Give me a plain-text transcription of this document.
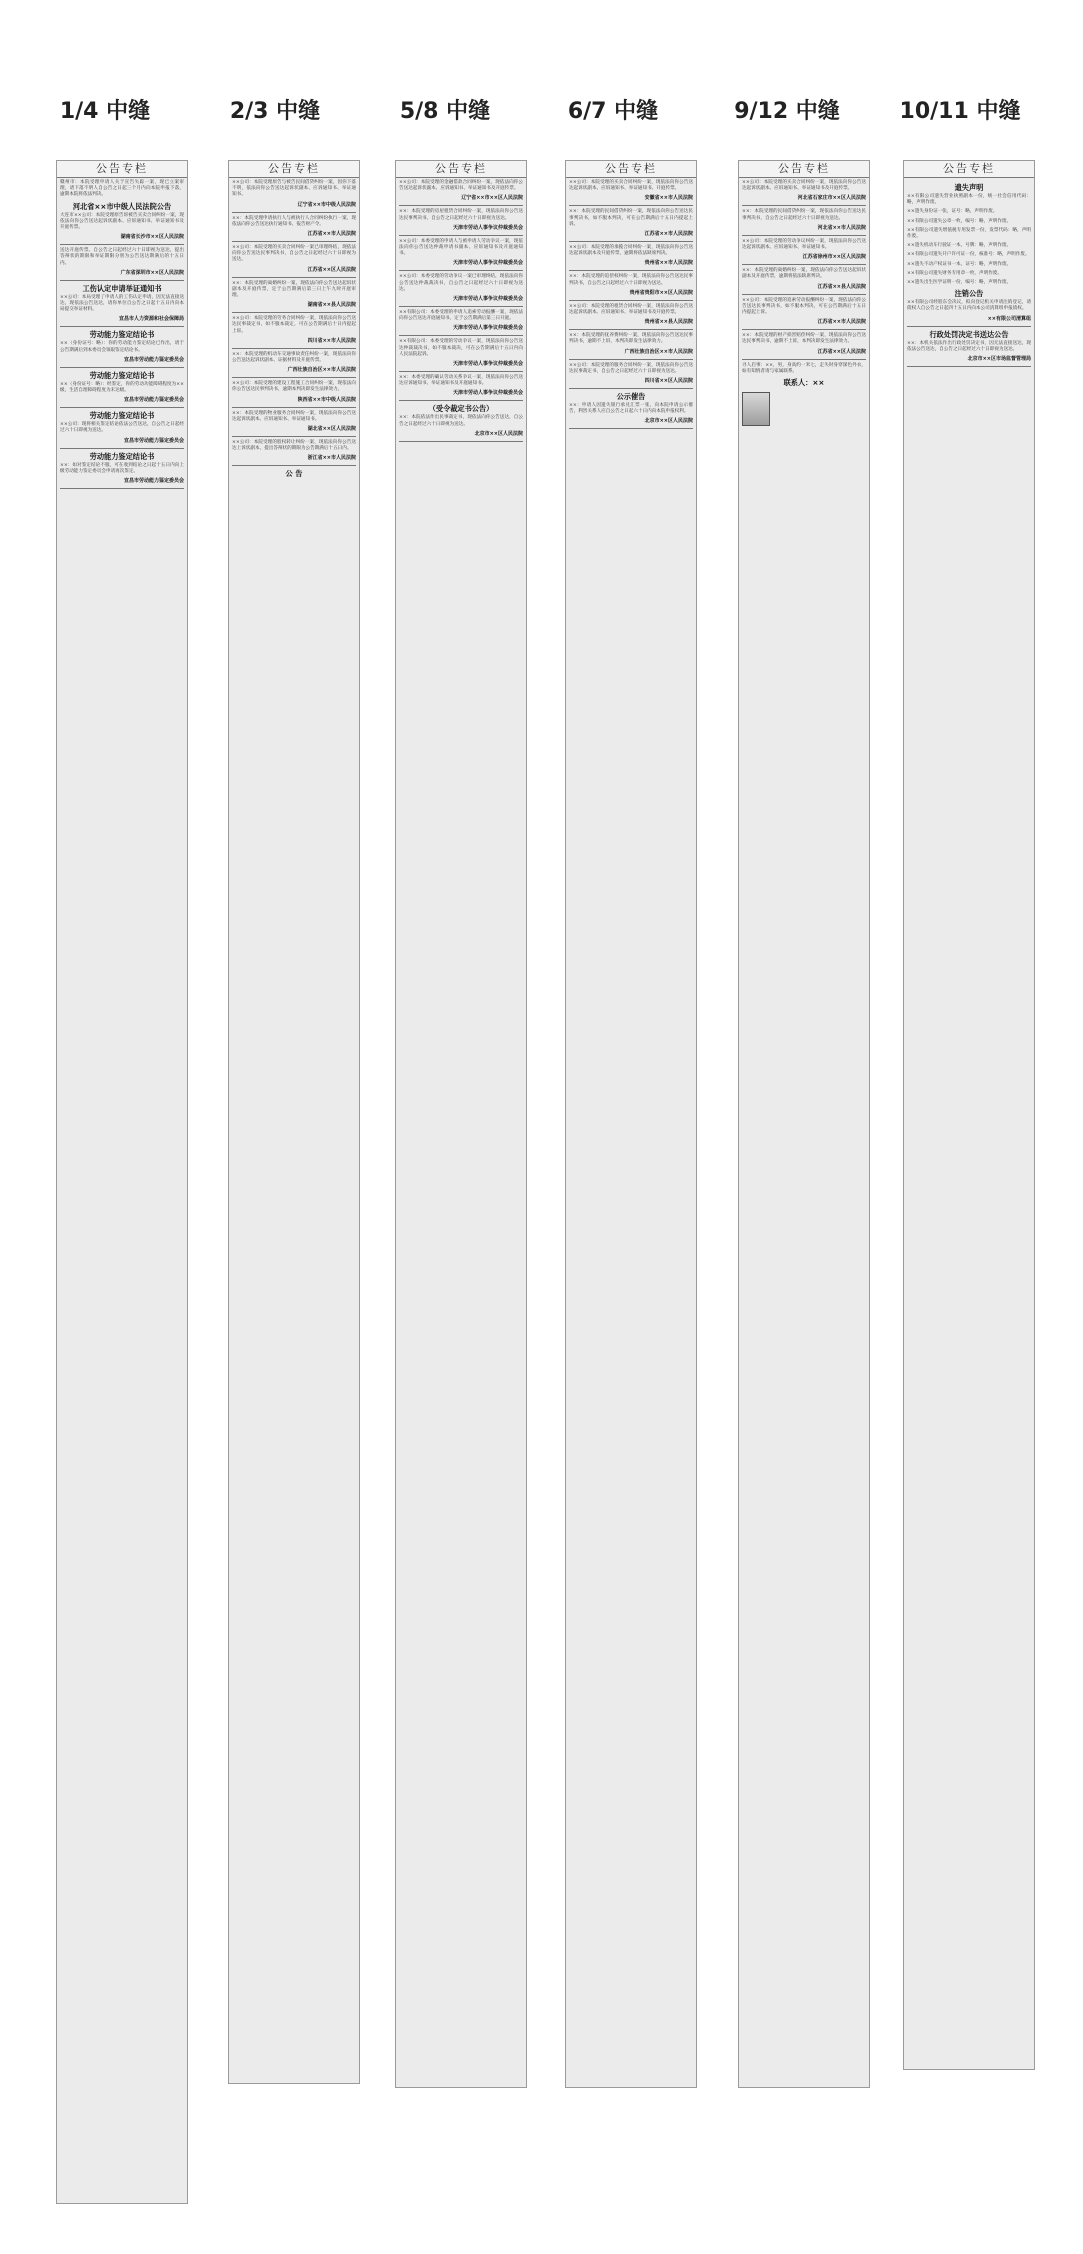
1/4 中缝	2/3 中缝	5/8 中缝	6/7 中缝	9/12 中缝	10/11 中缝
公告专栏
赣州市：本院受理申请人关于宣告失踪一案，现已立案审理，请下落不明人自公告之日起三个月内向本院申报下落，逾期本院将依法判决。
河北省××市中级人民法院公告
大连市××公司：本院受理原告诉被告买卖合同纠纷一案，现依法向你公告送达起诉状副本、应诉通知书、举证通知书及开庭传票。
湖南省长沙市××区人民法院
送达开庭传票。自公告之日起经过六十日即视为送达，提出答辩状的期限和举证期限分别为公告送达期满后的十五日内。
广东省深圳市××区人民法院
工伤认定申请举证通知书
××公司：本局受理了申请人的工伤认定申请，因无法直接送达，现依法公告送达，请你单位自公告之日起十五日内向本局提交举证材料。
宜昌市人力资源和社会保障局
劳动能力鉴定结论书
××（身份证号：略）：你的劳动能力鉴定结论已作出，请于公告期满后到本委员会领取鉴定结论书。
宜昌市劳动能力鉴定委员会
劳动能力鉴定结论书
××（身份证号：略）：经鉴定，你的劳动功能障碍程度为××级，生活自理障碍程度为未达级。
宜昌市劳动能力鉴定委员会
劳动能力鉴定结论书
××公司：现将相关鉴定结论依法公告送达，自公告之日起经过六十日即视为送达。
宜昌市劳动能力鉴定委员会
劳动能力鉴定结论书
××：如对鉴定结论不服，可在收到结论之日起十五日内向上级劳动能力鉴定委员会申请再次鉴定。
宜昌市劳动能力鉴定委员会
公告专栏
××公司：本院受理原告与被告民间借贷纠纷一案，因你下落不明，依法向你公告送达起诉状副本、应诉通知书、举证通知书。
辽宁省××市中级人民法院
××：本院受理申请执行人与被执行人合同纠纷执行一案，现依法向你公告送达执行通知书、报告财产令。
江苏省××市人民法院
××公司：本院受理的买卖合同纠纷一案已审理终结，现依法向你公告送达民事判决书，自公告之日起经过六十日即视为送达。
江苏省××区人民法院
××：本院受理的离婚纠纷一案，现依法向你公告送达起诉状副本及开庭传票，定于公告期满后第三日上午九时开庭审理。
湖南省××县人民法院
××公司：本院受理的劳务合同纠纷一案，现依法向你公告送达民事裁定书，如不服本裁定，可在公告期满后十日内提起上诉。
四川省××市人民法院
××：本院受理的机动车交通事故责任纠纷一案，现依法向你公告送达起诉状副本、证据材料及开庭传票。
广西壮族自治区××市人民法院
××公司：本院受理的建设工程施工合同纠纷一案，现依法向你公告送达民事判决书，逾期本判决即发生法律效力。
陕西省××市中级人民法院
××：本院受理的物业服务合同纠纷一案，现依法向你公告送达起诉状副本、应诉通知书、举证通知书。
湖北省××区人民法院
××公司：本院受理的股权转让纠纷一案，现依法向你公告送达上诉状副本，提出答辩状的期限为公告期满后十五日内。
浙江省××市人民法院
公 告
公告专栏
××公司：本院受理的金融借款合同纠纷一案，现依法向你公告送达起诉状副本、应诉通知书、举证通知书及开庭传票。
辽宁省××市××区人民法院
××：本院受理的房屋租赁合同纠纷一案，现依法向你公告送达民事判决书，自公告之日起经过六十日即视为送达。
天津市劳动人事争议仲裁委员会
××公司：本委受理的申请人与被申请人劳动争议一案，现依法向你公告送达仲裁申请书副本、应诉通知书及开庭通知书。
天津市劳动人事争议仲裁委员会
××公司：本委受理的劳动争议一案已审理终结，现依法向你公告送达仲裁裁决书，自公告之日起经过六十日即视为送达。
天津市劳动人事争议仲裁委员会
××有限公司：本委受理的申请人追索劳动报酬一案，现依法向你公告送达开庭通知书，定于公告期满后第三日开庭。
天津市劳动人事争议仲裁委员会
××有限公司：本委受理的劳动争议一案，现依法向你公告送达仲裁裁决书，如不服本裁决，可在公告期满后十五日内向人民法院起诉。
天津市劳动人事争议仲裁委员会
××：本委受理的确认劳动关系争议一案，现依法向你公告送达应诉通知书、举证通知书及开庭通知书。
天津市劳动人事争议仲裁委员会
（受令裁定书公告）
××：本院依法作出民事裁定书，现依法向你公告送达，自公告之日起经过六十日即视为送达。
北京市××区人民法院
公告专栏
××公司：本院受理的买卖合同纠纷一案，现依法向你公告送达起诉状副本、应诉通知书、举证通知书、开庭传票。
安徽省××市人民法院
××：本院受理的民间借贷纠纷一案，现依法向你公告送达民事判决书，如不服本判决，可在公告期满后十五日内提起上诉。
江苏省××市人民法院
××公司：本院受理的承揽合同纠纷一案，现依法向你公告送达起诉状副本及开庭传票，逾期将依法缺席判决。
贵州省××市人民法院
××：本院受理的追偿权纠纷一案，现依法向你公告送达民事判决书，自公告之日起经过六十日即视为送达。
贵州省贵阳市××区人民法院
××公司：本院受理的租赁合同纠纷一案，现依法向你公告送达起诉状副本、应诉通知书、举证通知书及开庭传票。
贵州省××县人民法院
××：本院受理的抚养费纠纷一案，现依法向你公告送达民事判决书，逾期不上诉，本判决即发生法律效力。
广西壮族自治区××市人民法院
××公司：本院受理的服务合同纠纷一案，现依法向你公告送达民事裁定书，自公告之日起经过六十日即视为送达。
四川省××区人民法院
公示催告
××：申请人因遗失银行承兑汇票一张，向本院申请公示催告，利害关系人应自公告之日起六十日内向本院申报权利。
北京市××区人民法院
公告专栏
××公司：本院受理的买卖合同纠纷一案，现依法向你公告送达起诉状副本、应诉通知书、举证通知书及开庭传票。
河北省石家庄市××区人民法院
××：本院受理的民间借贷纠纷一案，现依法向你公告送达民事判决书，自公告之日起经过六十日即视为送达。
河北省××市人民法院
××公司：本院受理的劳动争议纠纷一案，现依法向你公告送达起诉状副本、应诉通知书、举证通知书。
江苏省徐州市××区人民法院
××：本院受理的离婚纠纷一案，现依法向你公告送达起诉状副本及开庭传票，逾期将依法缺席判决。
江苏省××县人民法院
××公司：本院受理的追索劳动报酬纠纷一案，现依法向你公告送达民事判决书，如不服本判决，可在公告期满后十五日内提起上诉。
江苏省××市人民法院
××：本院受理的财产损害赔偿纠纷一案，现依法向你公告送达民事判决书，逾期不上诉，本判决即发生法律效力。
江苏省××区人民法院
寻人启事：××，男，身高约一米七，走失时身穿深色外衣，如有知情者请与家属联系。
联系人：××
公告专栏
遗失声明
××有限公司遗失营业执照副本一份，统一社会信用代码：略，声明作废。
××遗失身份证一张，证号：略，声明作废。
××有限公司遗失公章一枚，编号：略，声明作废。
××有限公司遗失增值税专用发票一份，发票代码：略，声明作废。
××遗失机动车行驶证一本，号牌：略，声明作废。
××有限公司遗失开户许可证一份，核准号：略，声明作废。
××遗失不动产权证书一本，证号：略，声明作废。
××有限公司遗失财务专用章一枚，声明作废。
××遗失出生医学证明一份，编号：略，声明作废。
注销公告
××有限公司经股东会决议，拟向登记机关申请注销登记，请债权人自公告之日起四十五日内向本公司清算组申报债权。
××有限公司清算组
行政处罚决定书送达公告
××：本机关依法作出行政处罚决定书，因无法直接送达，现依法公告送达，自公告之日起经过六十日即视为送达。
北京市××区市场监督管理局
